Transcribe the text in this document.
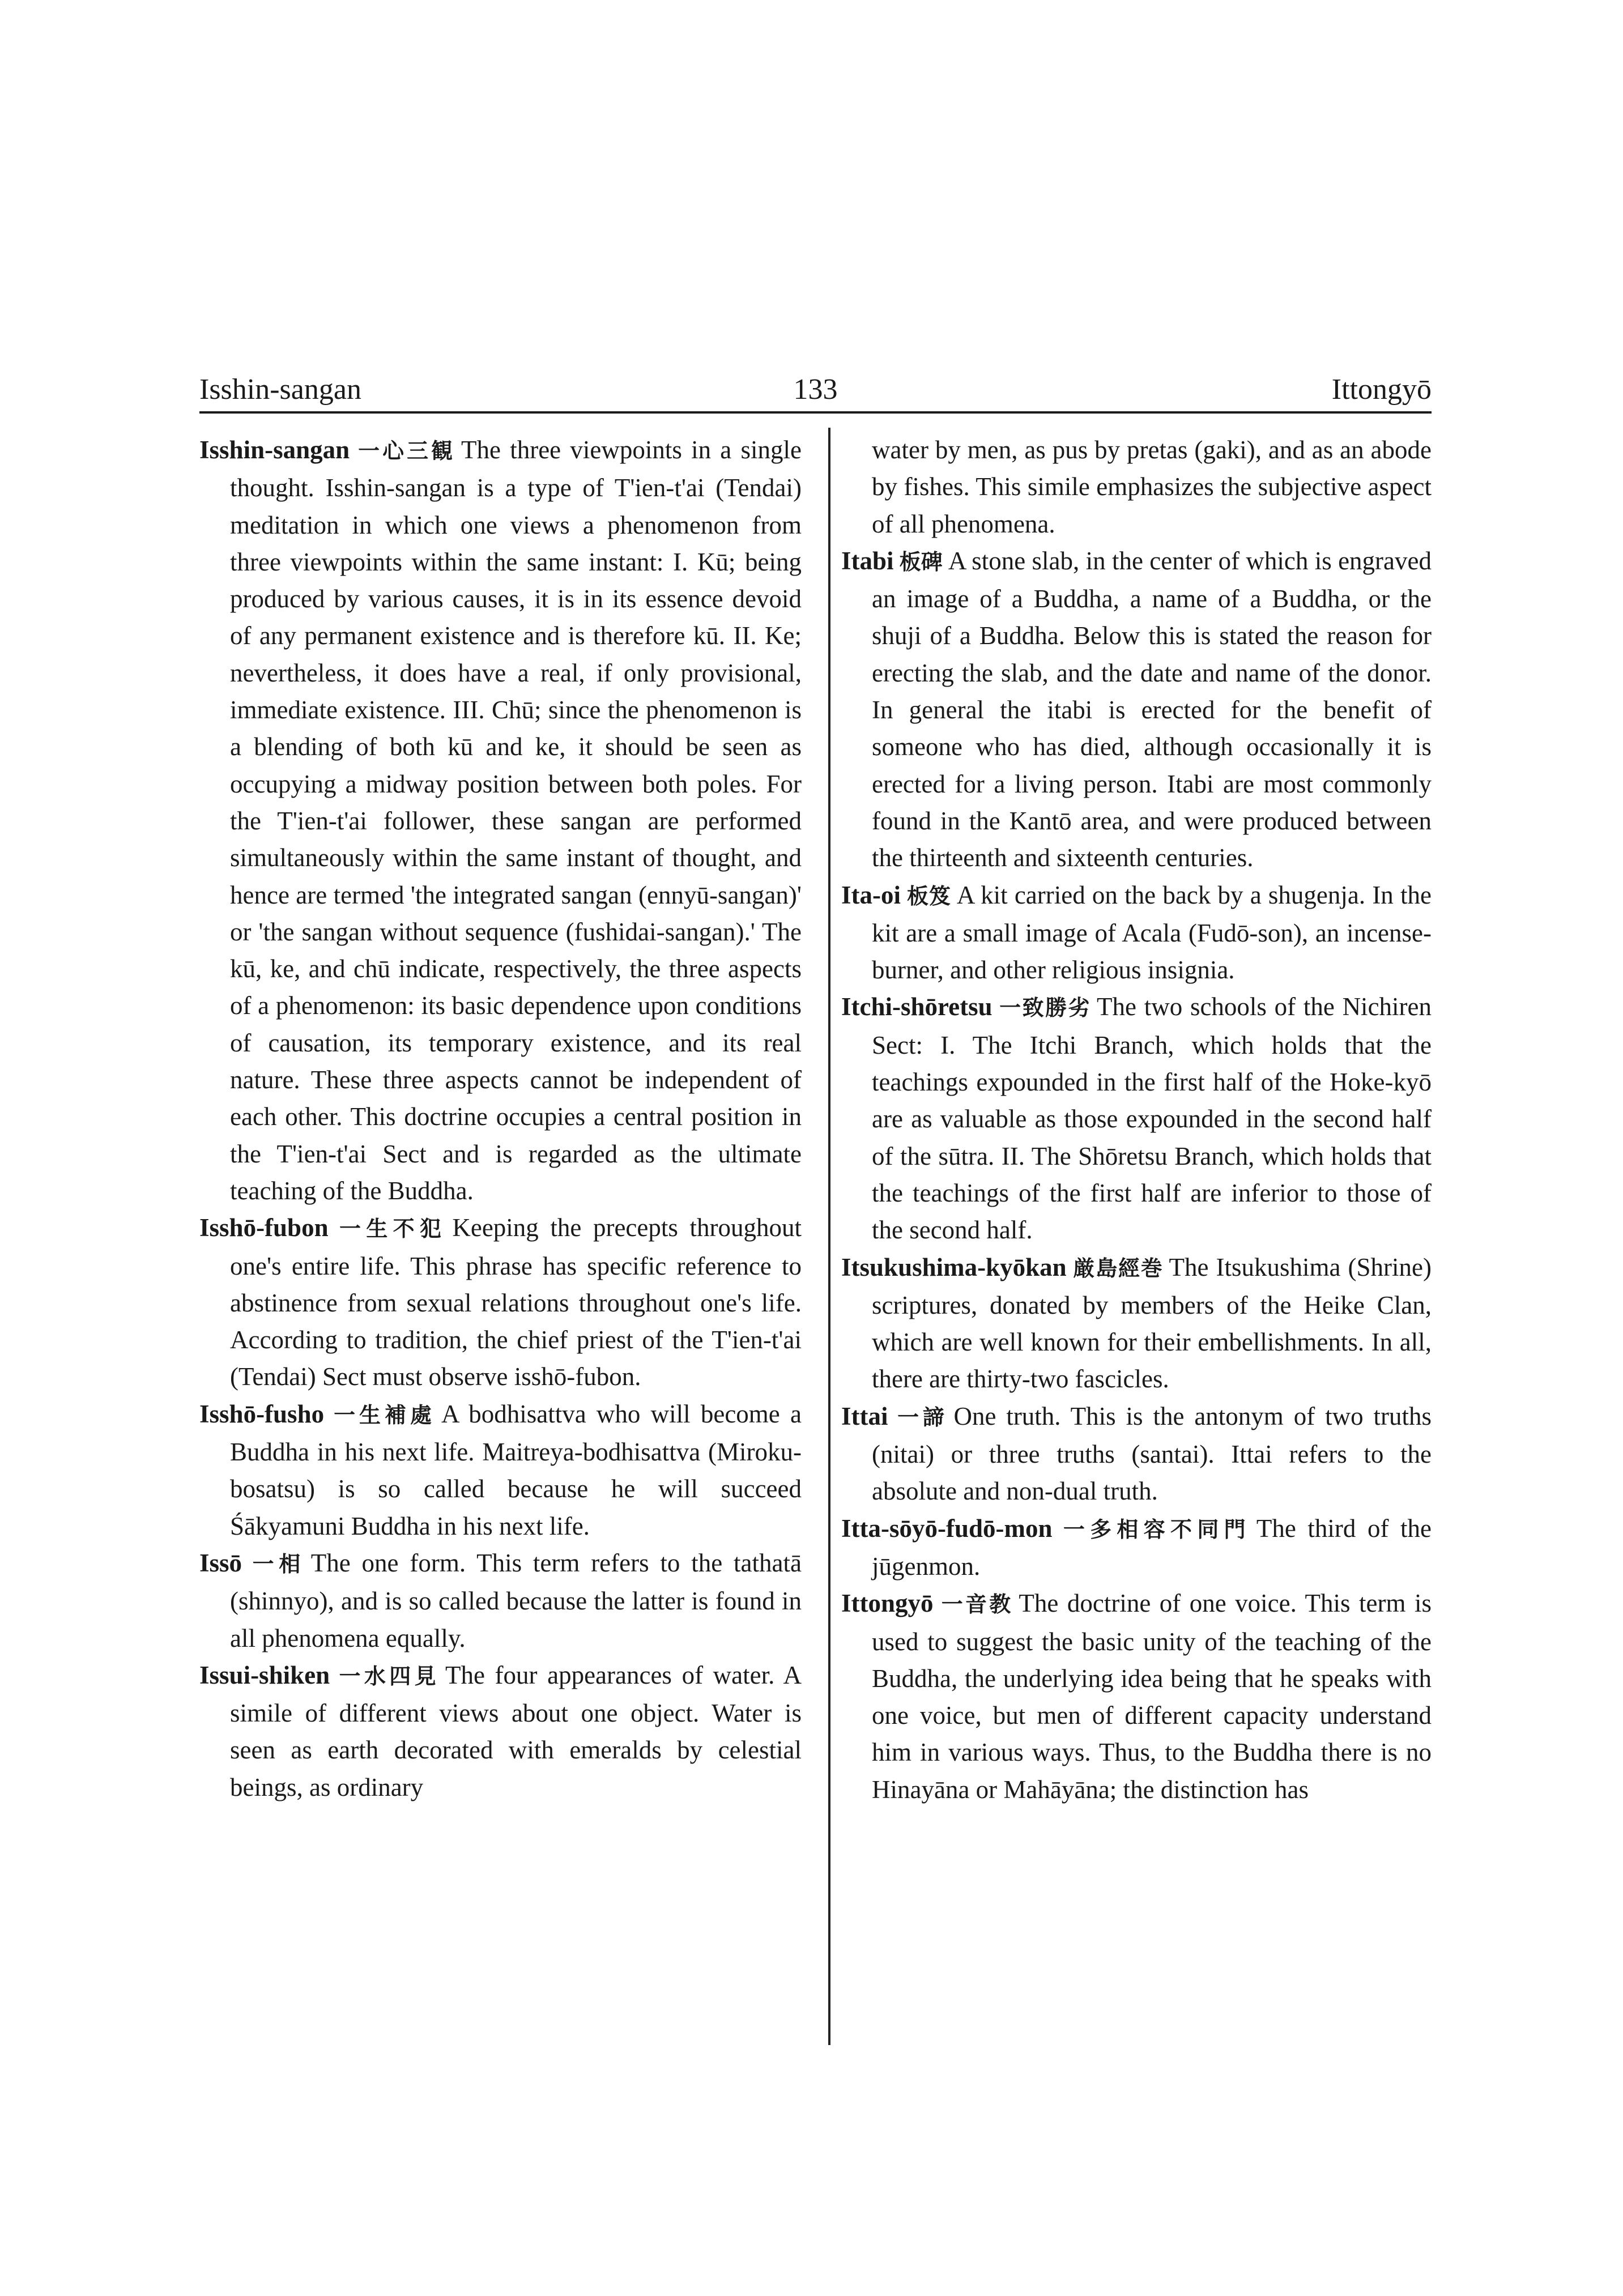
Isshin-sangan	133	Ittongyō

Isshin-sangan 一心三観 The three viewpoints in a single thought. Isshin-sangan is a type of T'ien-t'ai (Tendai) meditation in which one views a phenomenon from three viewpoints within the same instant: I. Kū; being produced by various causes, it is in its essence devoid of any permanent existence and is therefore kū. II. Ke; nevertheless, it does have a real, if only provisional, immediate existence. III. Chū; since the phenomenon is a blending of both kū and ke, it should be seen as occupying a midway position between both poles. For the T'ien-t'ai follower, these sangan are performed simultaneously within the same instant of thought, and hence are termed 'the integrated sangan (ennyū-sangan)' or 'the sangan without sequence (fushidai-sangan).' The kū, ke, and chū indicate, respectively, the three aspects of a phenomenon: its basic dependence upon conditions of causation, its temporary existence, and its real nature. These three aspects cannot be independent of each other. This doctrine occupies a central position in the T'ien-t'ai Sect and is regarded as the ultimate teaching of the Buddha.

Isshō-fubon 一生不犯 Keeping the precepts throughout one's entire life. This phrase has specific reference to abstinence from sexual relations throughout one's life. According to tradition, the chief priest of the T'ien-t'ai (Tendai) Sect must observe isshō-fubon.

Isshō-fusho 一生補處 A bodhisattva who will become a Buddha in his next life. Maitreya-bodhisattva (Miroku-bosatsu) is so called because he will succeed Śākyamuni Buddha in his next life.

Issō 一相 The one form. This term refers to the tathatā (shinnyo), and is so called because the latter is found in all phenomena equally.

Issui-shiken 一水四見 The four appearances of water. A simile of different views about one object. Water is seen as earth decorated with emeralds by celestial beings, as ordinary

water by men, as pus by pretas (gaki), and as an abode by fishes. This simile emphasizes the subjective aspect of all phenomena.

Itabi 板碑 A stone slab, in the center of which is engraved an image of a Buddha, a name of a Buddha, or the shuji of a Buddha. Below this is stated the reason for erecting the slab, and the date and name of the donor. In general the itabi is erected for the benefit of someone who has died, although occasionally it is erected for a living person. Itabi are most commonly found in the Kantō area, and were produced between the thirteenth and sixteenth centuries.

Ita-oi 板笈 A kit carried on the back by a shugenja. In the kit are a small image of Acala (Fudō-son), an incense-burner, and other religious insignia.

Itchi-shōretsu 一致勝劣 The two schools of the Nichiren Sect: I. The Itchi Branch, which holds that the teachings expounded in the first half of the Hoke-kyō are as valuable as those expounded in the second half of the sūtra. II. The Shōretsu Branch, which holds that the teachings of the first half are inferior to those of the second half.

Itsukushima-kyōkan 厳島經巻 The Itsukushima (Shrine) scriptures, donated by members of the Heike Clan, which are well known for their embellishments. In all, there are thirty-two fascicles.

Ittai 一諦 One truth. This is the antonym of two truths (nitai) or three truths (santai). Ittai refers to the absolute and non-dual truth.

Itta-sōyō-fudō-mon 一多相容不同門 The third of the jūgenmon.

Ittongyō 一音教 The doctrine of one voice. This term is used to suggest the basic unity of the teaching of the Buddha, the underlying idea being that he speaks with one voice, but men of different capacity understand him in various ways. Thus, to the Buddha there is no Hinayāna or Mahāyāna; the distinction has
